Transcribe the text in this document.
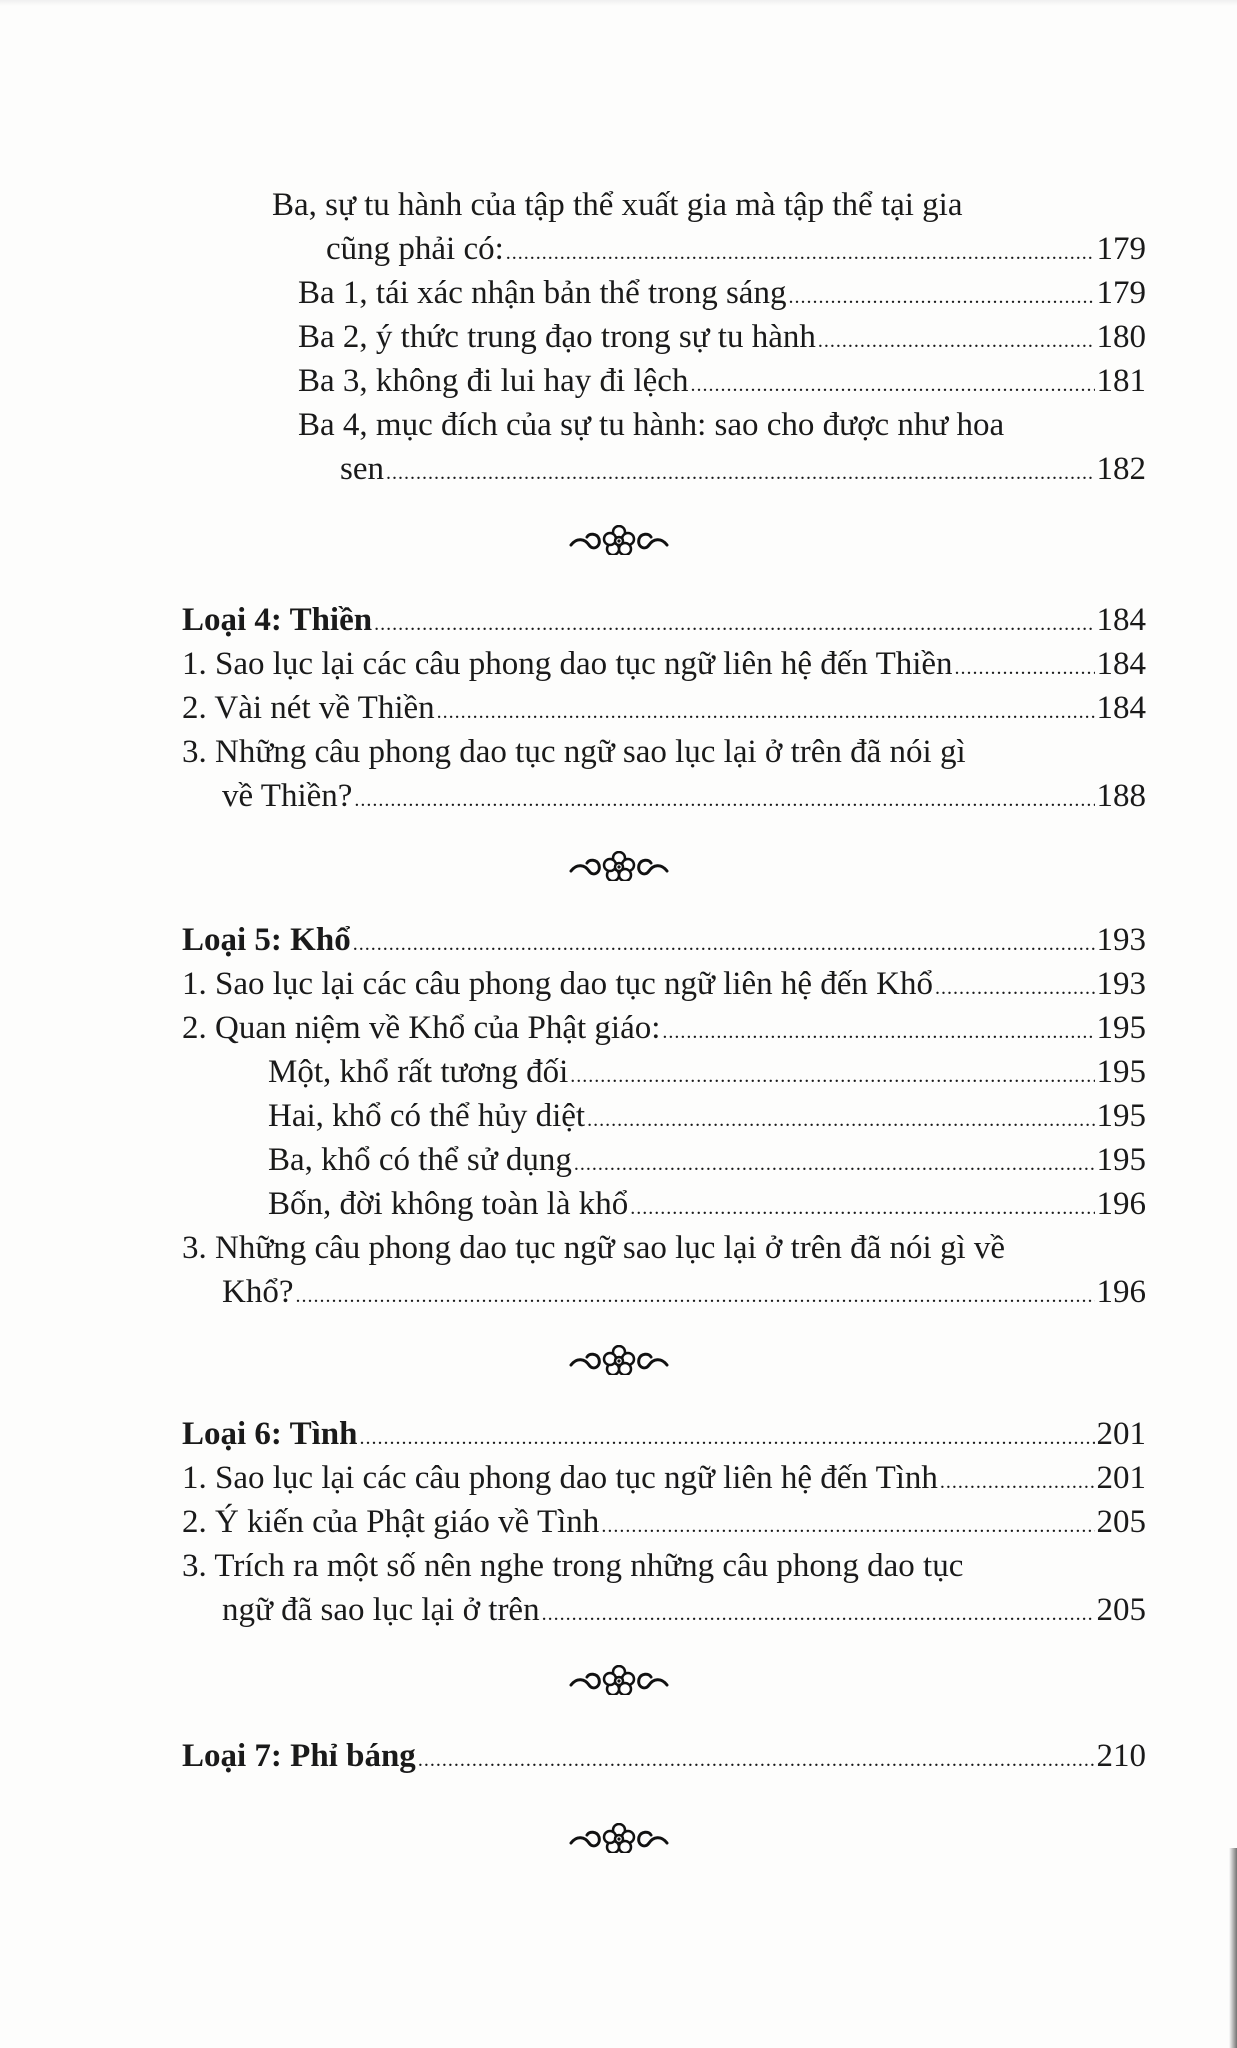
Ba, sự tu hành của tập thể xuất gia mà tập thể tại gia
cũng phải có: .....	179
Ba 1, tái xác nhận bản thể trong sáng .....	179
Ba 2, ý thức trung đạo trong sự tu hành .....	180
Ba 3, không đi lui hay đi lệch .....	181
Ba 4, mục đích của sự tu hành: sao cho được như hoa
sen .....	182
Loại 4: Thiền .....	184
1. Sao lục lại các câu phong dao tục ngữ liên hệ đến Thiền .....	184
2. Vài nét về Thiền .....	184
3. Những câu phong dao tục ngữ sao lục lại ở trên đã nói gì
về Thiền? .....	188
Loại 5: Khổ .....	193
1. Sao lục lại các câu phong dao tục ngữ liên hệ đến Khổ .....	193
2. Quan niệm về Khổ của Phật giáo: .....	195
Một, khổ rất tương đối .....	195
Hai, khổ có thể hủy diệt .....	195
Ba, khổ có thể sử dụng .....	195
Bốn, đời không toàn là khổ .....	196
3. Những câu phong dao tục ngữ sao lục lại ở trên đã nói gì về
Khổ? .....	196
Loại 6: Tình .....	201
1. Sao lục lại các câu phong dao tục ngữ liên hệ đến Tình .....	201
2. Ý kiến của Phật giáo về Tình .....	205
3. Trích ra một số nên nghe trong những câu phong dao tục
ngữ đã sao lục lại ở trên .....	205
Loại 7: Phỉ báng .....	210
